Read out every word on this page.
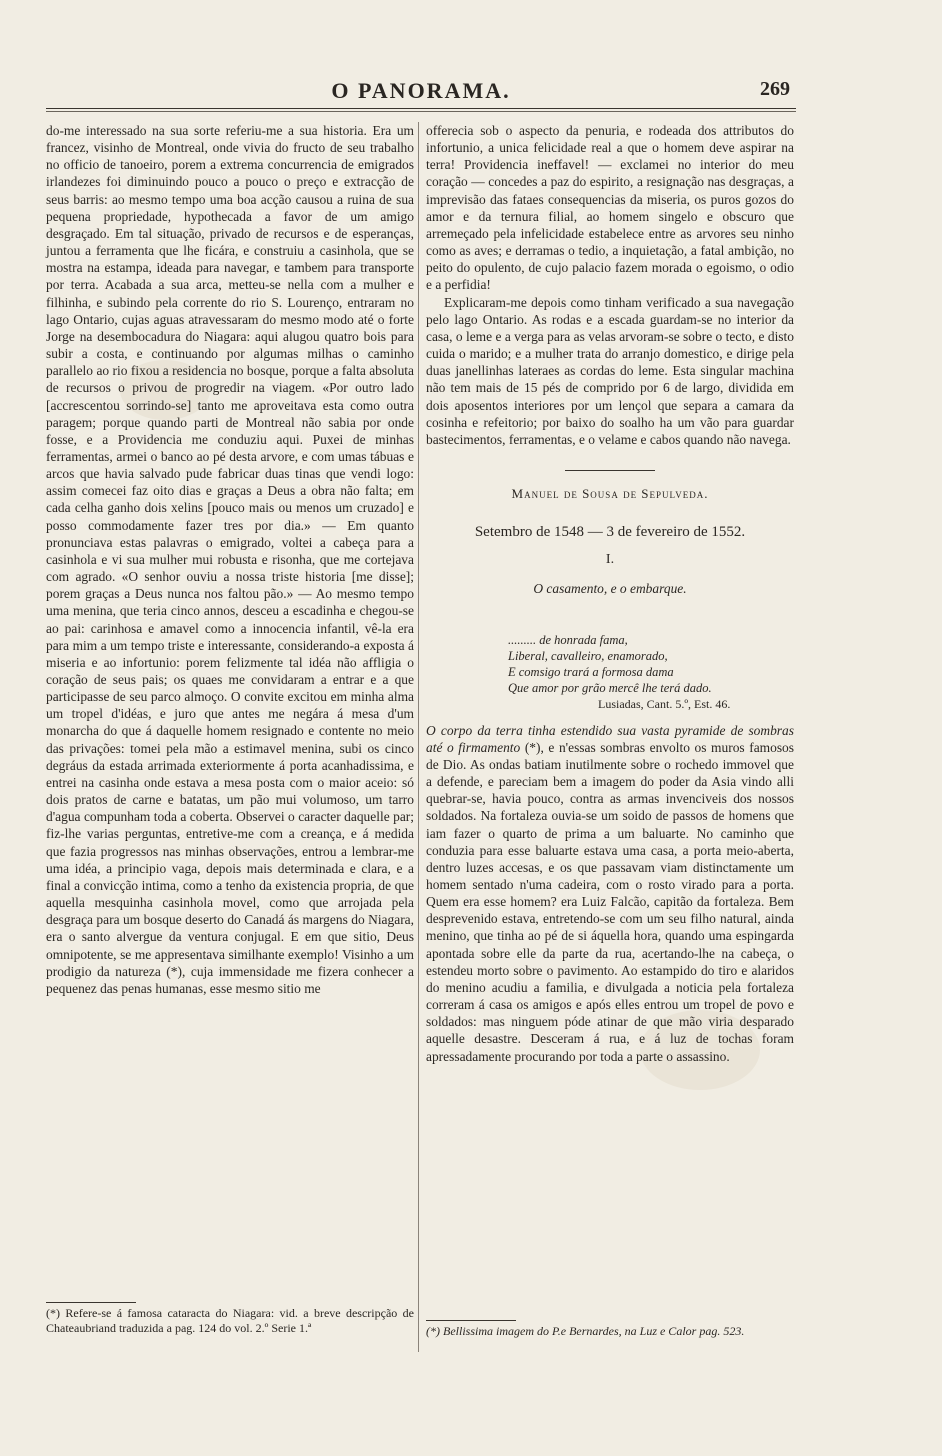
O PANORAMA.	269

do-me interessado na sua sorte referiu-me a sua historia. Era um francez, visinho de Montreal, onde vivia do fructo de seu trabalho no officio de tanoeiro, porem a extrema concurrencia de emigrados irlandezes foi diminuindo pouco a pouco o preço e extracção de seus barris: ao mesmo tempo uma boa acção causou a ruina de sua pequena propriedade, hypothecada a favor de um amigo desgraçado. Em tal situação, privado de recursos e de esperanças, juntou a ferramenta que lhe ficára, e construiu a casinhola, que se mostra na estampa, ideada para navegar, e tambem para transporte por terra. Acabada a sua arca, metteu-se nella com a mulher e filhinha, e subindo pela corrente do rio S. Lourenço, entraram no lago Ontario, cujas aguas atravessaram do mesmo modo até o forte Jorge na desembocadura do Niagara: aqui alugou quatro bois para subir a costa, e continuando por algumas milhas o caminho parallelo ao rio fixou a residencia no bosque, porque a falta absoluta de recursos o privou de progredir na viagem. «Por outro lado [accrescentou sorrindo-se] tanto me aproveitava esta como outra paragem; porque quando parti de Montreal não sabia por onde fosse, e a Providencia me conduziu aqui. Puxei de minhas ferramentas, armei o banco ao pé desta arvore, e com umas tábuas e arcos que havia salvado pude fabricar duas tinas que vendi logo: assim comecei faz oito dias e graças a Deus a obra não falta; em cada celha ganho dois xelins [pouco mais ou menos um cruzado] e posso commodamente fazer tres por dia.» — Em quanto pronunciava estas palavras o emigrado, voltei a cabeça para a casinhola e vi sua mulher mui robusta e risonha, que me cortejava com agrado. «O senhor ouviu a nossa triste historia [me disse]; porem graças a Deus nunca nos faltou pão.» — Ao mesmo tempo uma menina, que teria cinco annos, desceu a escadinha e chegou-se ao pai: carinhosa e amavel como a innocencia infantil, vê-la era para mim a um tempo triste e interessante, considerando-a exposta á miseria e ao infortunio: porem felizmente tal idéa não affligia o coração de seus pais; os quaes me convidaram a entrar e a que participasse de seu parco almoço. O convite excitou em minha alma um tropel d'idéas, e juro que antes me negára á mesa d'um monarcha do que á daquelle homem resignado e contente no meio das privações: tomei pela mão a estimavel menina, subi os cinco degráus da estada arrimada exteriormente á porta acanhadissima, e entrei na casinha onde estava a mesa posta com o maior aceio: só dois pratos de carne e batatas, um pão mui volumoso, um tarro d'agua compunham toda a coberta. Observei o caracter daquelle par; fiz-lhe varias perguntas, entretive-me com a creança, e á medida que fazia progressos nas minhas observações, entrou a lembrar-me uma idéa, a principio vaga, depois mais determinada e clara, e a final a convicção intima, como a tenho da existencia propria, de que aquella mesquinha casinhola movel, como que arrojada pela desgraça para um bosque deserto do Canadá ás margens do Niagara, era o santo alvergue da ventura conjugal. E em que sitio, Deus omnipotente, se me appresentava similhante exemplo! Visinho a um prodigio da natureza (*), cuja immensidade me fizera conhecer a pequenez das penas humanas, esse mesmo sitio me

(*) Refere-se á famosa cataracta do Niagara: vid. a breve descripção de Chateaubriand traduzida a pag. 124 do vol. 2.º Serie 1.ª

offerecia sob o aspecto da penuria, e rodeada dos attributos do infortunio, a unica felicidade real a que o homem deve aspirar na terra! Providencia ineffavel! — exclamei no interior do meu coração — concedes a paz do espirito, a resignação nas desgraças, a imprevisão das fataes consequencias da miseria, os puros gozos do amor e da ternura filial, ao homem singelo e obscuro que arremeçado pela infelicidade estabelece entre as arvores seu ninho como as aves; e derramas o tedio, a inquietação, a fatal ambição, no peito do opulento, de cujo palacio fazem morada o egoismo, o odio e a perfidia!

Explicaram-me depois como tinham verificado a sua navegação pelo lago Ontario. As rodas e a escada guardam-se no interior da casa, o leme e a verga para as velas arvoram-se sobre o tecto, e disto cuida o marido; e a mulher trata do arranjo domestico, e dirige pela duas janellinhas lateraes as cordas do leme. Esta singular machina não tem mais de 15 pés de comprido por 6 de largo, dividida em dois aposentos interiores por um lençol que separa a camara da cosinha e refeitorio; por baixo do soalho ha um vão para guardar bastecimentos, ferramentas, e o velame e cabos quando não navega.

Manuel de Sousa de Sepulveda.
Setembro de 1548 — 3 de fevereiro de 1552.
I.
O casamento, e o embarque.
......... de honrada fama,
Liberal, cavalleiro, enamorado,
E comsigo trará a formosa dama
Que amor por grão mercê lhe terá dado.
Lusiadas, Cant. 5.º, Est. 46.

O corpo da terra tinha estendido sua vasta pyramide de sombras até o firmamento (*), e n'essas sombras envolto os muros famosos de Dio. As ondas batiam inutilmente sobre o rochedo immovel que a defende, e pareciam bem a imagem do poder da Asia vindo alli quebrar-se, havia pouco, contra as armas invenciveis dos nossos soldados. Na fortaleza ouvia-se um soido de passos de homens que iam fazer o quarto de prima a um baluarte. No caminho que conduzia para esse baluarte estava uma casa, a porta meio-aberta, dentro luzes accesas, e os que passavam viam distinctamente um homem sentado n'uma cadeira, com o rosto virado para a porta. Quem era esse homem? era Luiz Falcão, capitão da fortaleza. Bem desprevenido estava, entretendo-se com um seu filho natural, ainda menino, que tinha ao pé de si áquella hora, quando uma espingarda apontada sobre elle da parte da rua, acertando-lhe na cabeça, o estendeu morto sobre o pavimento. Ao estampido do tiro e alaridos do menino acudiu a familia, e divulgada a noticia pela fortaleza correram á casa os amigos e após elles entrou um tropel de povo e soldados: mas ninguem póde atinar de que mão viria desparado aquelle desastre. Desceram á rua, e á luz de tochas foram apressadamente procurando por toda a parte o assassino.

(*) Bellissima imagem do P.e Bernardes, na Luz e Calor pag. 523.
